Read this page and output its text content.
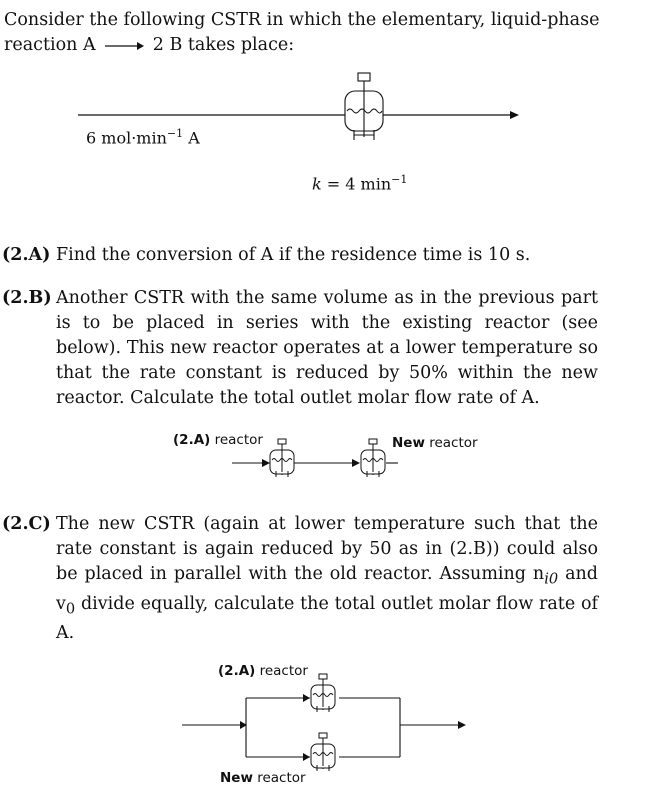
Consider the following CSTR in which the elementary, liquid-phase
reaction A → 2 B takes place:
6 $mol\cdot\min^{-1}$ A
k = 4 $\min^{-1}$
(2.A) Find the conversion of A if the residence time is 10 s.
(2.B) Another CSTR with the same volume as in the previous part is to be placed in series with the existing reactor (see below). This new reactor operates at a lower temperature so that the rate constant is reduced by 50% within the new reactor. Calculate the total outlet molar flow rate of A.
(2.A) reactor	New reactor
(2.C) The new CSTR (again at lower temperature such that the rate constant is again reduced by 50 as in (2.B)) could also be placed in parallel with the old reactor. Assuming $n_{i0}$ and $v_0$ divide equally, calculate the total outlet molar flow rate of A.
(2.A) reactor
New reactor
